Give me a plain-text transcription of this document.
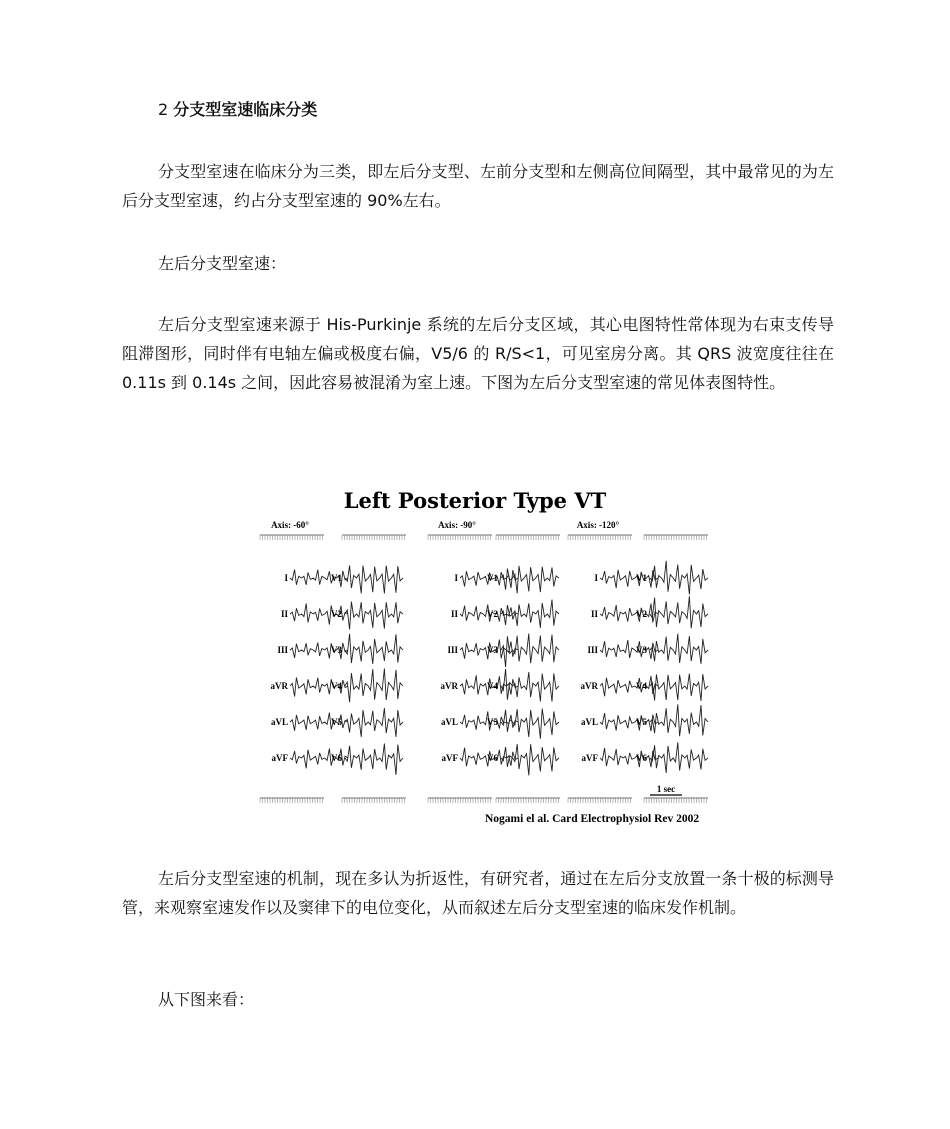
2 分支型室速临床分类

分支型室速在临床分为三类，即左后分支型、左前分支型和左侧高位间隔型，其中最常见的为左后分支型室速，约占分支型室速的 90%左右。

左后分支型室速：

左后分支型室速来源于 His-Purkinje 系统的左后分支区域，其心电图特性常体现为右束支传导阻滞图形，同时伴有电轴左偏或极度右偏，V5/6 的 R/S<1，可见室房分离。其 QRS 波宽度往往在 0.11s 到 0.14s 之间，因此容易被混淆为室上速。下图为左后分支型室速的常见体表图特性。

Axis: -60°
I	V1
II	V2
III	V3
aVR	V4
aVL	V5
aVF	V6
Axis: -90°
I	V1
II	V2
III	V3
aVR	V4
aVL	V5
aVF	V6
Axis: -120°
I	V1
II	V2
III	V3
aVR	V4
aVL	V5
aVF	V6
1 sec
Left Posterior Type VT
Nogami el al. Card Electrophysiol Rev 2002

左后分支型室速的机制，现在多认为折返性，有研究者，通过在左后分支放置一条十极的标测导管，来观察室速发作以及窦律下的电位变化，从而叙述左后分支型室速的临床发作机制。

从下图来看：
